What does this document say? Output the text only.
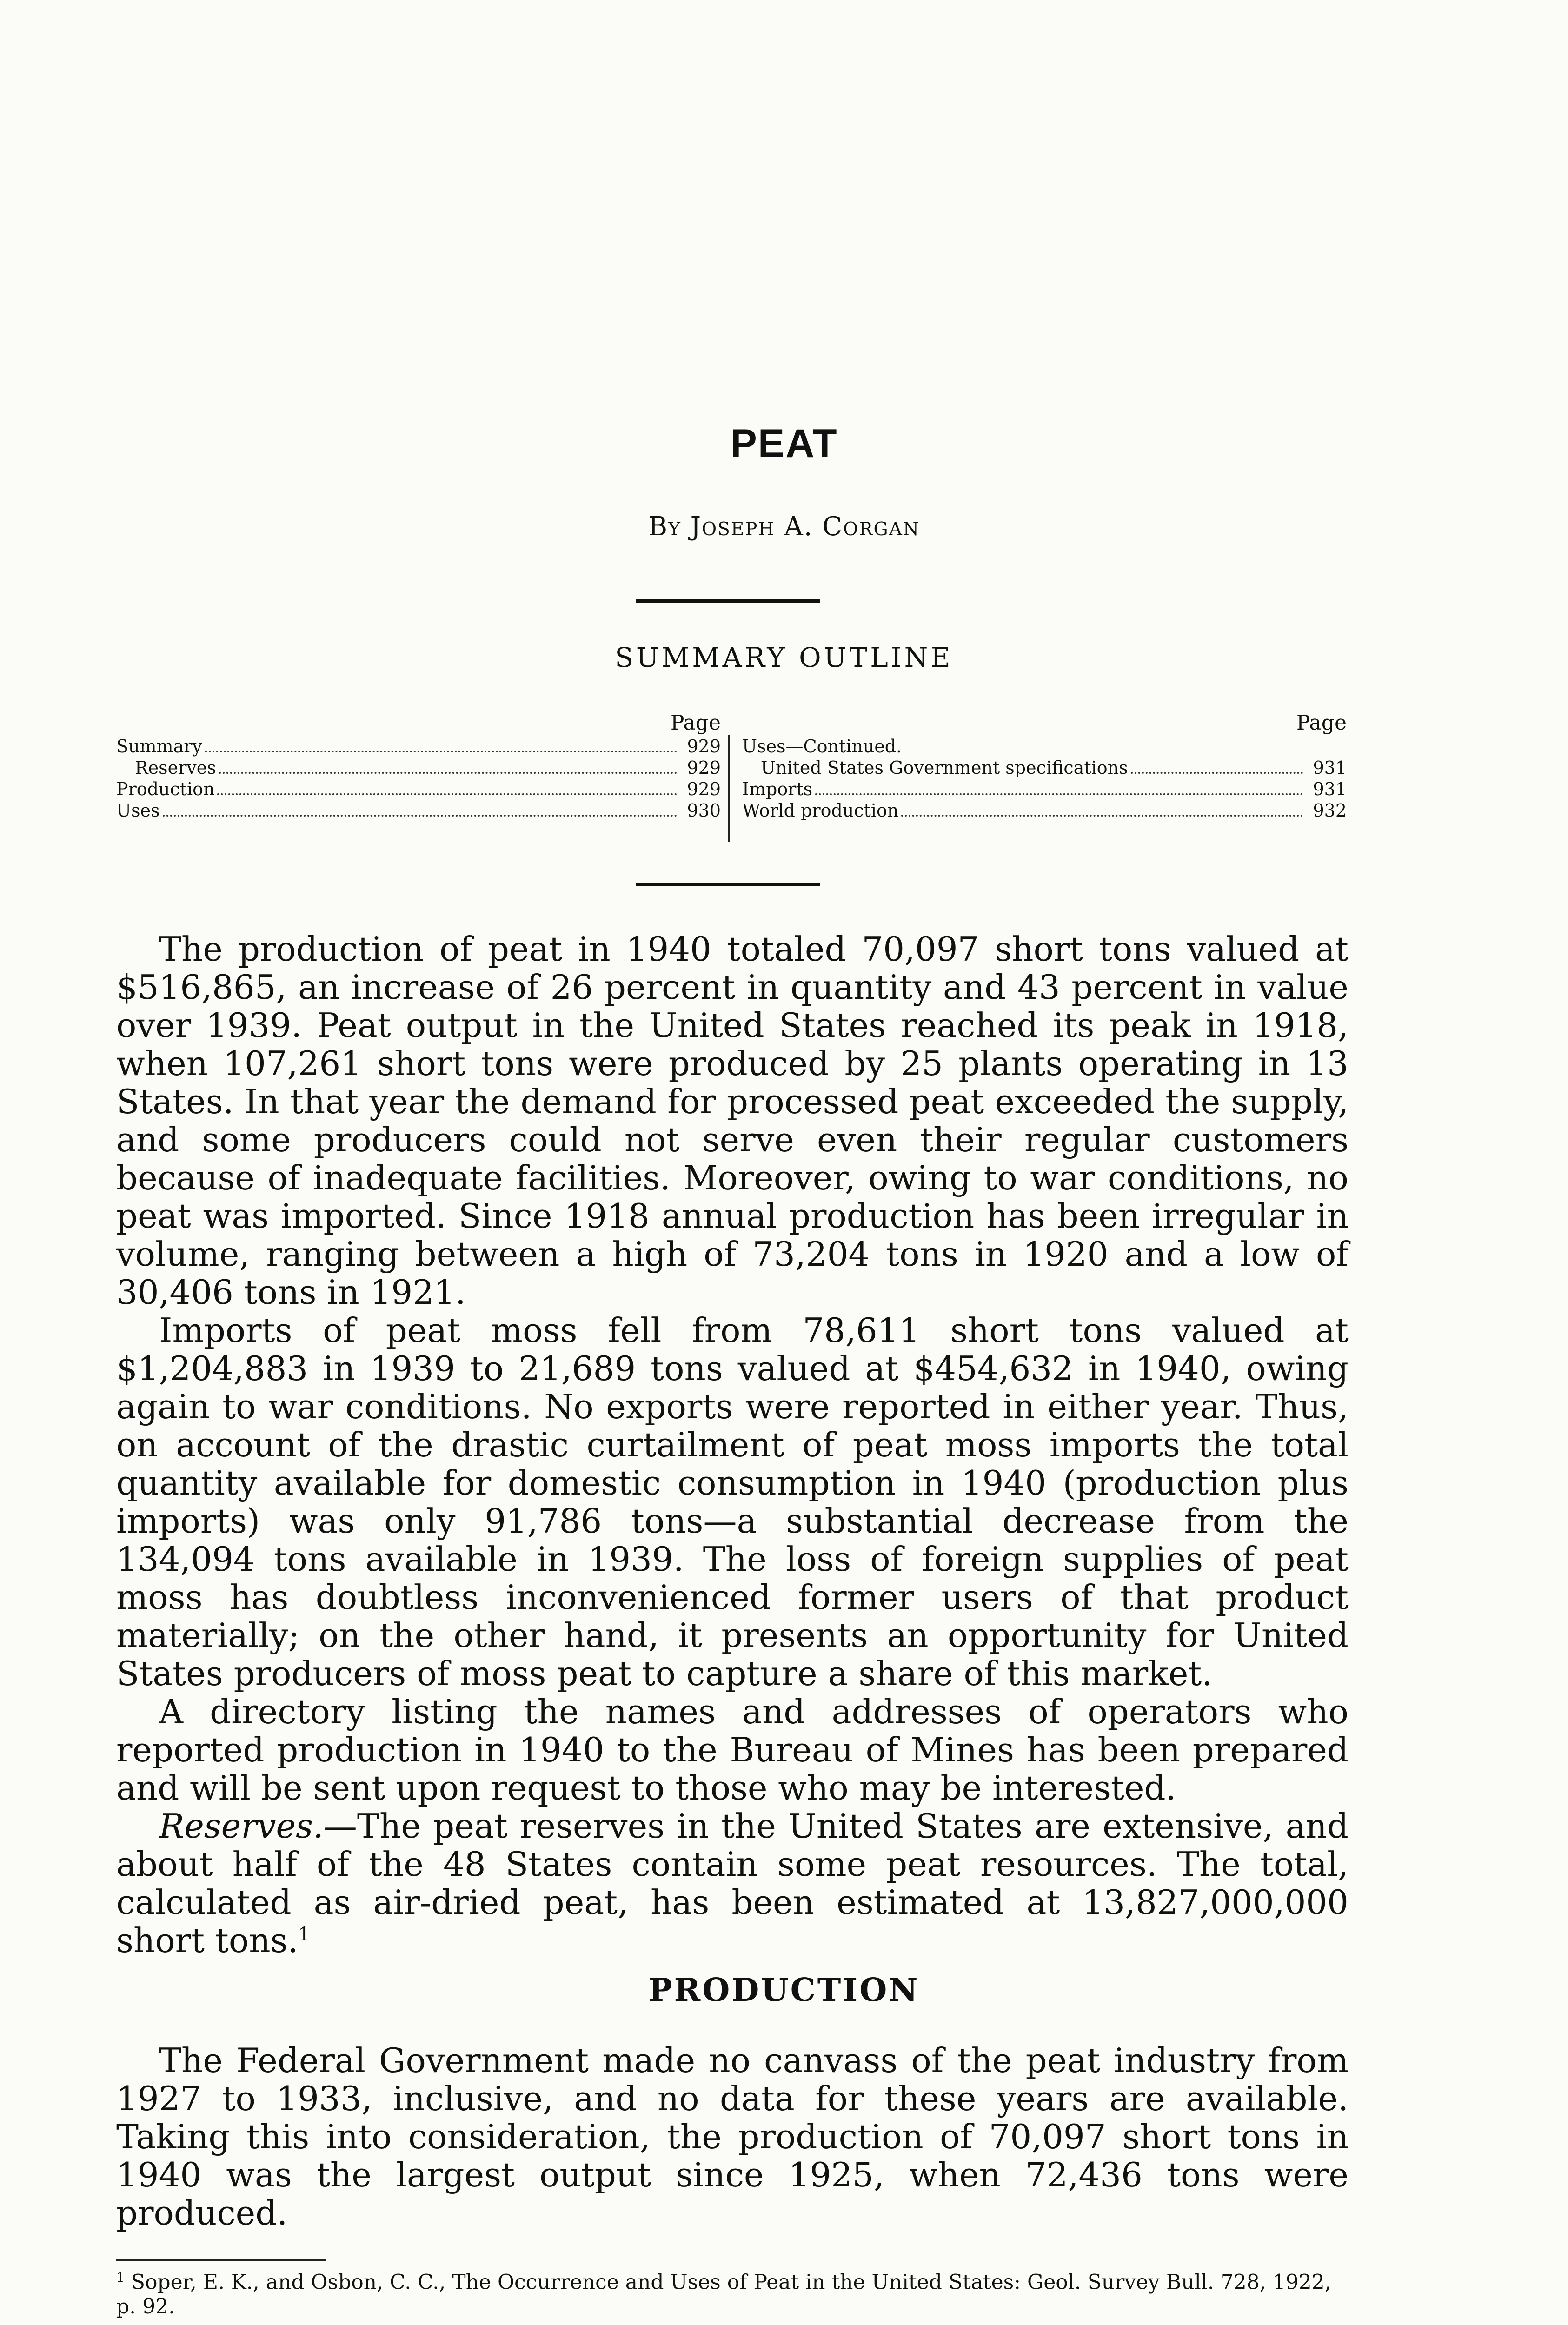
PEAT
By Joseph A. Corgan
SUMMARY OUTLINE
Page
Summary	929
Reserves	929
Production	929
Uses	930
Page
Uses—Continued.
United States Government specifications	931
Imports	931
World production	932

The production of peat in 1940 totaled 70,097 short tons valued at $516,865, an increase of 26 percent in quantity and 43 percent in value over 1939. Peat output in the United States reached its peak in 1918, when 107,261 short tons were produced by 25 plants operating in 13 States. In that year the demand for processed peat exceeded the supply, and some producers could not serve even their regular customers because of inadequate facilities. Moreover, owing to war conditions, no peat was imported. Since 1918 annual production has been irregular in volume, ranging between a high of 73,204 tons in 1920 and a low of 30,406 tons in 1921.

Imports of peat moss fell from 78,611 short tons valued at $1,204,883 in 1939 to 21,689 tons valued at $454,632 in 1940, owing again to war conditions. No exports were reported in either year. Thus, on account of the drastic curtailment of peat moss imports the total quantity available for domestic consumption in 1940 (production plus imports) was only 91,786 tons—a substantial decrease from the 134,094 tons available in 1939. The loss of foreign supplies of peat moss has doubtless inconvenienced former users of that product materially; on the other hand, it presents an opportunity for United States producers of moss peat to capture a share of this market.

A directory listing the names and addresses of operators who reported production in 1940 to the Bureau of Mines has been prepared and will be sent upon request to those who may be interested.

Reserves.—The peat reserves in the United States are extensive, and about half of the 48 States contain some peat resources. The total, calculated as air-dried peat, has been estimated at 13,827,000,000 short tons.$^1$

PRODUCTION

The Federal Government made no canvass of the peat industry from 1927 to 1933, inclusive, and no data for these years are available. Taking this into consideration, the production of 70,097 short tons in 1940 was the largest output since 1925, when 72,436 tons were produced.

$^1$ Soper, E. K., and Osbon, C. C., The Occurrence and Uses of Peat in the United States: Geol. Survey Bull. 728, 1922, p. 92.
